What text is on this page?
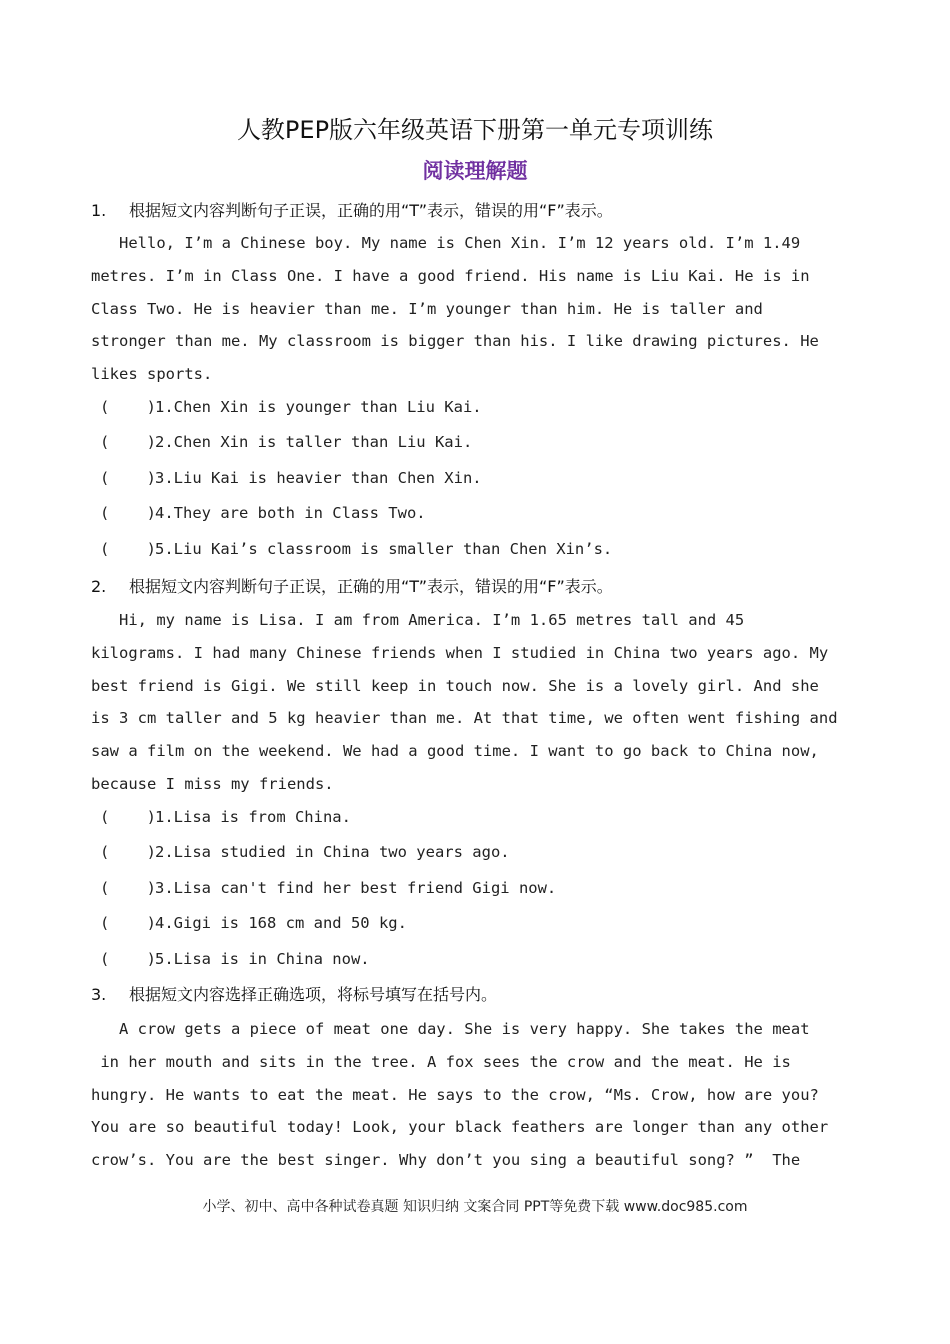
人教PEP版六年级英语下册第一单元专项训练
阅读理解题
1. 根据短文内容判断句子正误，正确的用“T”表示，错误的用“F”表示。
Hello, I’m a Chinese boy. My name is Chen Xin. I’m 12 years old. I’m 1.49
metres. I’m in Class One. I have a good friend. His name is Liu Kai. He is in
Class Two. He is heavier than me. I’m younger than him. He is taller and
stronger than me. My classroom is bigger than his. I like drawing pictures. He
likes sports.
(    )1.Chen Xin is younger than Liu Kai.
(    )2.Chen Xin is taller than Liu Kai.
(    )3.Liu Kai is heavier than Chen Xin.
(    )4.They are both in Class Two.
(    )5.Liu Kai’s classroom is smaller than Chen Xin’s.
2. 根据短文内容判断句子正误，正确的用“T”表示，错误的用“F”表示。
Hi, my name is Lisa. I am from America. I’m 1.65 metres tall and 45
kilograms. I had many Chinese friends when I studied in China two years ago. My
best friend is Gigi. We still keep in touch now. She is a lovely girl. And she
is 3 cm taller and 5 kg heavier than me. At that time, we often went fishing and
saw a film on the weekend. We had a good time. I want to go back to China now,
because I miss my friends.
(    )1.Lisa is from China.
(    )2.Lisa studied in China two years ago.
(    )3.Lisa can't find her best friend Gigi now.
(    )4.Gigi is 168 cm and 50 kg.
(    )5.Lisa is in China now.
3. 根据短文内容选择正确选项，将标号填写在括号内。
A crow gets a piece of meat one day. She is very happy. She takes the meat
in her mouth and sits in the tree. A fox sees the crow and the meat. He is
hungry. He wants to eat the meat. He says to the crow, “Ms. Crow, how are you?
You are so beautiful today! Look, your black feathers are longer than any other
crow’s. You are the best singer. Why don’t you sing a beautiful song? ”  The
小学、初中、高中各种试卷真题 知识归纳 文案合同 PPT等免费下载 www.doc985.com
